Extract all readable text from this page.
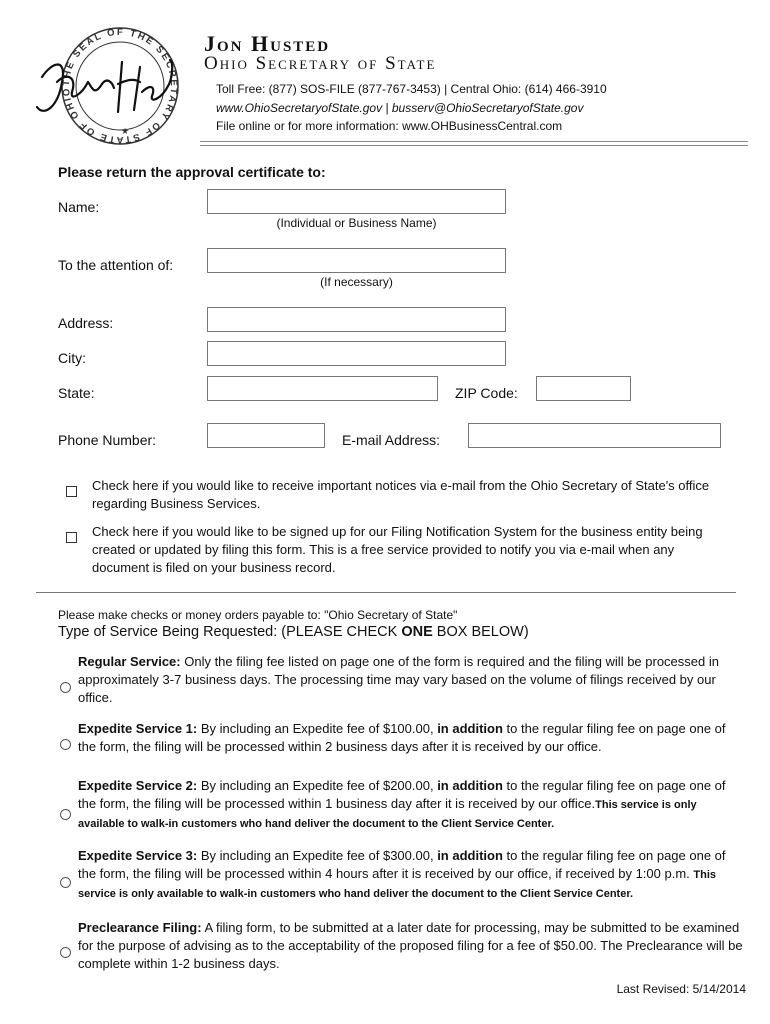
THE SEAL OF THE SECRETARY OF STATE OF OHIO
★
Jon Husted
Jon Husted
Ohio Secretary of State
Toll Free: (877) SOS-FILE (877-767-3453) | Central Ohio: (614) 466-3910
www.OhioSecretaryofState.gov | busserv@OhioSecretaryofState.gov
File online or for more information: www.OHBusinessCentral.com
Please return the approval certificate to:
Name:
(Individual or Business Name)
To the attention of:
(If necessary)
Address:
City:
State:	ZIP Code:
Phone Number:	E-mail Address:
Check here if you would like to receive important notices via e-mail from the Ohio Secretary of State's office regarding Business Services.
Check here if you would like to be signed up for our Filing Notification System for the business entity being created or updated by filing this form. This is a free service provided to notify you via e-mail when any document is filed on your business record.
Please make checks or money orders payable to: "Ohio Secretary of State"
Type of Service Being Requested: (PLEASE CHECK ONE BOX BELOW)
Regular Service: Only the filing fee listed on page one of the form is required and the filing will be processed in approximately 3-7 business days. The processing time may vary based on the volume of filings received by our office.
Expedite Service 1: By including an Expedite fee of $100.00, in addition to the regular filing fee on page one of the form, the filing will be processed within 2 business days after it is received by our office.
Expedite Service 2: By including an Expedite fee of $200.00, in addition to the regular filing fee on page one of the form, the filing will be processed within 1 business day after it is received by our office.This service is only available to walk-in customers who hand deliver the document to the Client Service Center.
Expedite Service 3: By including an Expedite fee of $300.00, in addition to the regular filing fee on page one of the form, the filing will be processed within 4 hours after it is received by our office, if received by 1:00 p.m. This service is only available to walk-in customers who hand deliver the document to the Client Service Center.
Preclearance Filing: A filing form, to be submitted at a later date for processing, may be submitted to be examined for the purpose of advising as to the acceptability of the proposed filing for a fee of $50.00. The Preclearance will be complete within 1-2 business days.
Last Revised: 5/14/2014
